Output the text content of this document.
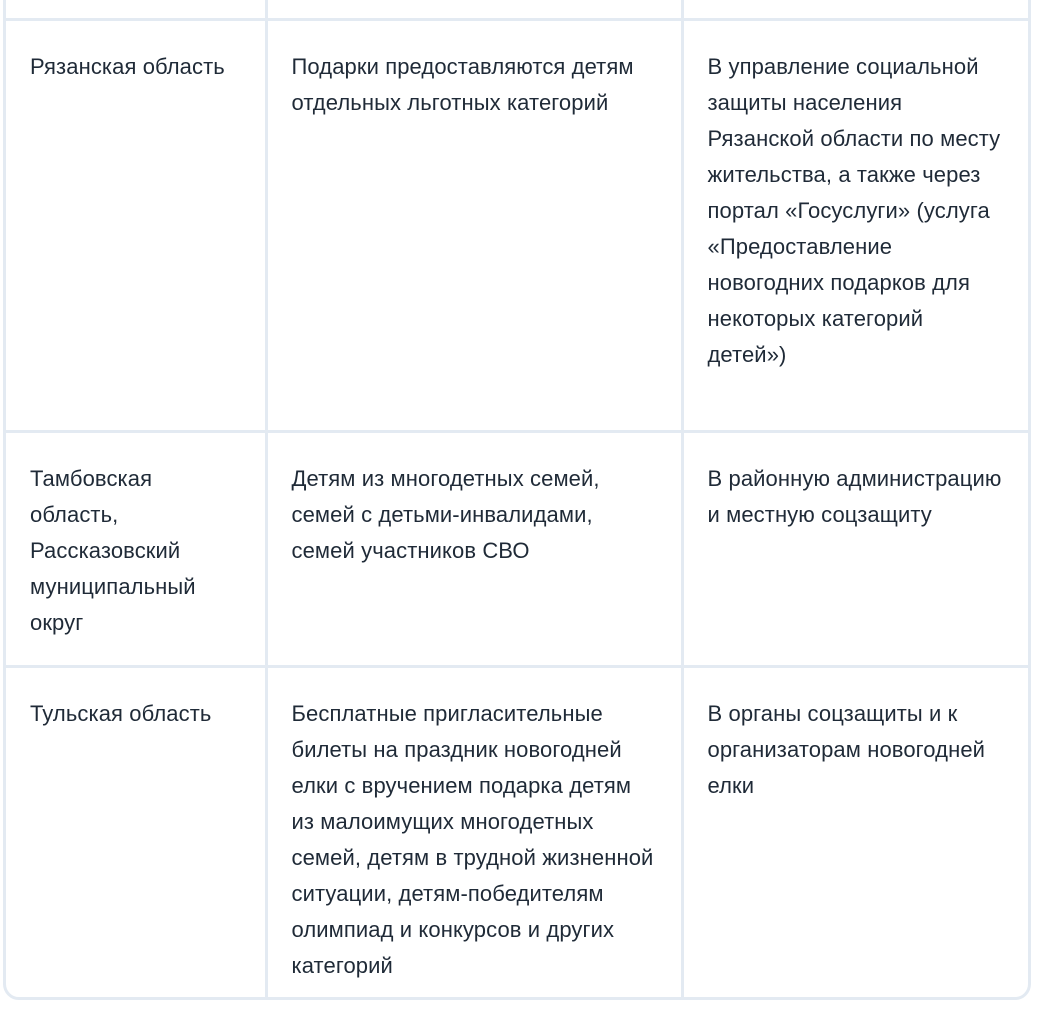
Рязанская область	Подарки предоставляются детям отдельных льготных категорий	В управление социальной защиты населения Рязанской области по месту жительства, а также через портал «Госуслуги» (услуга «Предоставление новогодних подарков для некоторых категорий детей»)
Тамбовская область, Рассказовский муниципальный округ	Детям из многодетных семей, семей с детьми-инвалидами, семей участников СВО	В районную администрацию и местную соцзащиту
Тульская область	Бесплатные пригласительные билеты на праздник новогодней елки с вручением подарка детям из малоимущих многодетных семей, детям в трудной жизненной ситуации, детям-победителям олимпиад и конкурсов и других категорий	В органы соцзащиты и к организаторам новогодней елки
